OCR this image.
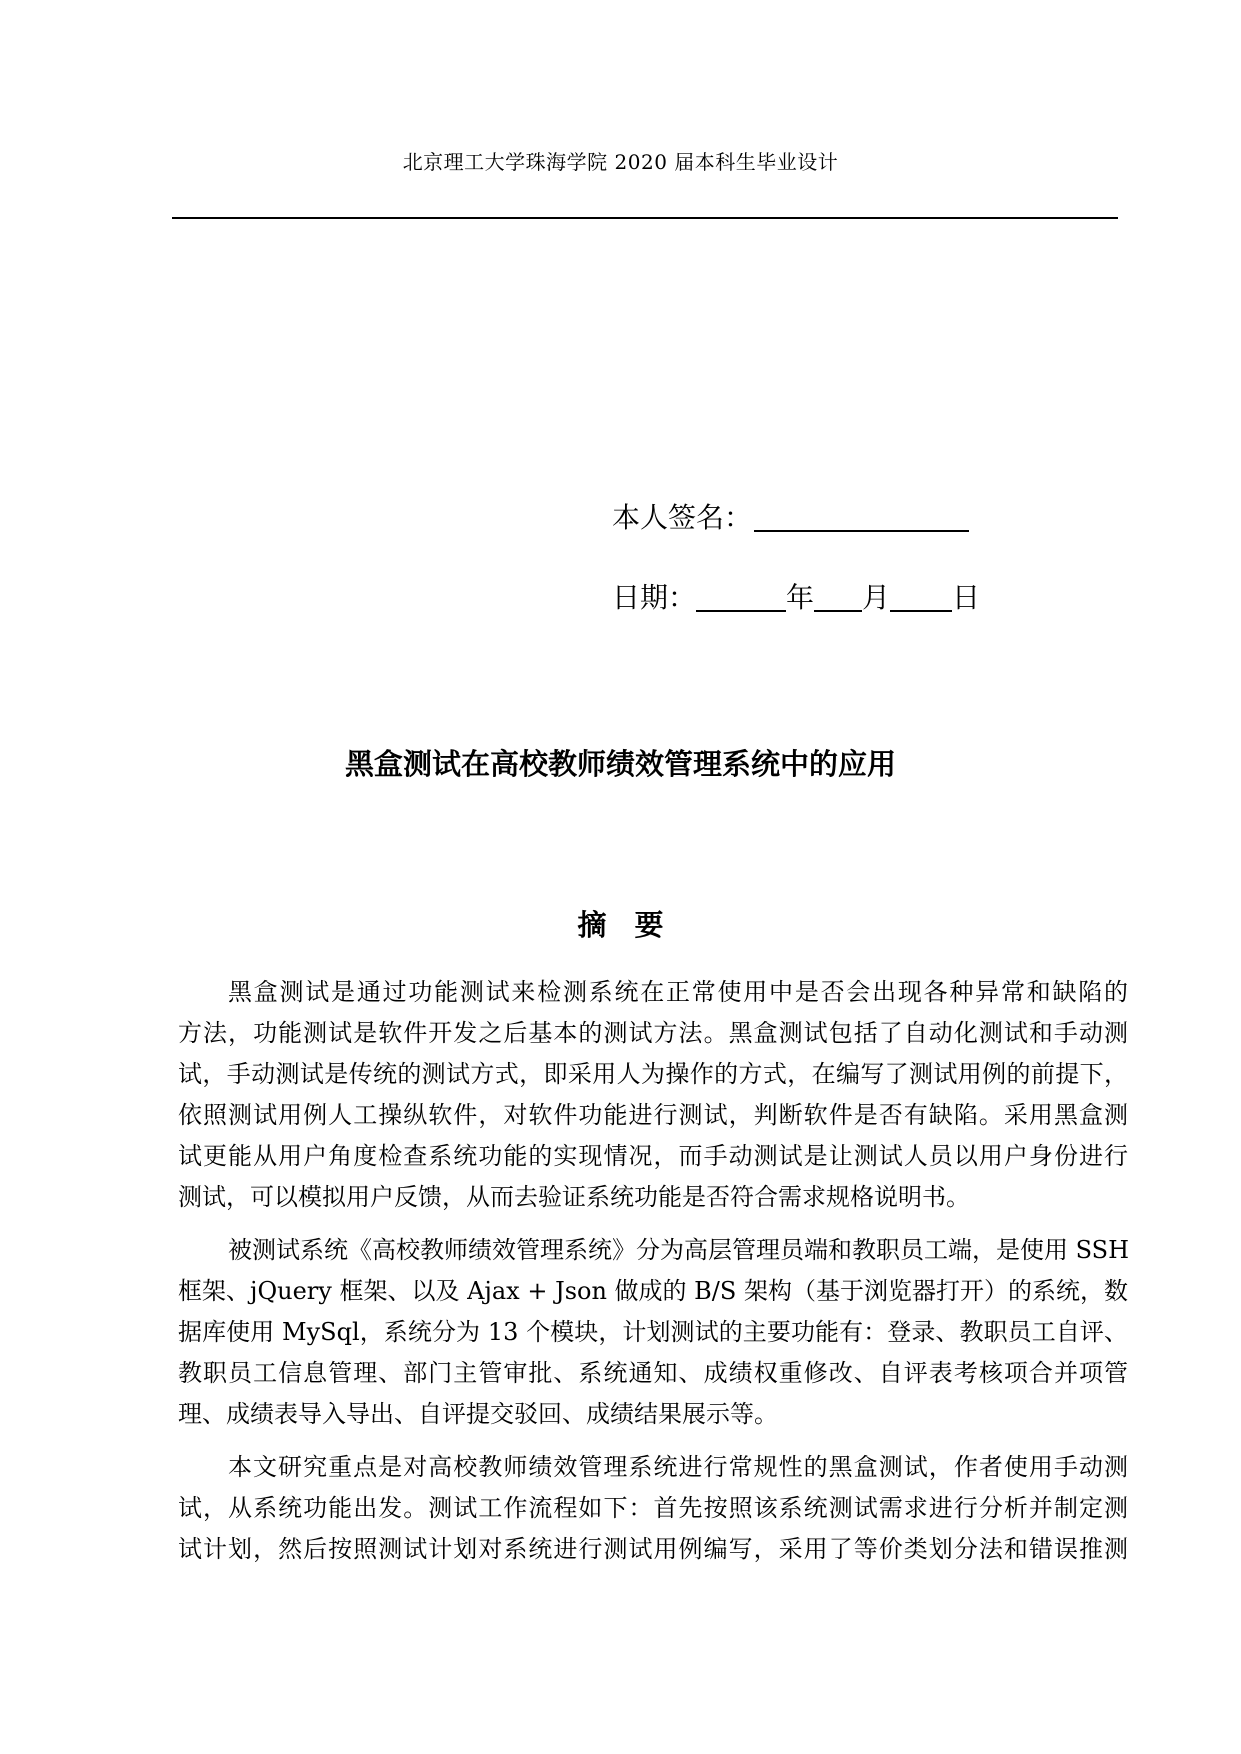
北京理工大学珠海学院 2020 届本科生毕业设计
本人签名：
日期：	年 月 日
黑盒测试在高校教师绩效管理系统中的应用
摘要

黑盒测试是通过功能测试来检测系统在正常使用中是否会出现各种异常和缺陷的
方法，功能测试是软件开发之后基本的测试方法。黑盒测试包括了自动化测试和手动测
试，手动测试是传统的测试方式，即采用人为操作的方式，在编写了测试用例的前提下，
依照测试用例人工操纵软件，对软件功能进行测试，判断软件是否有缺陷。采用黑盒测
试更能从用户角度检查系统功能的实现情况，而手动测试是让测试人员以用户身份进行
测试，可以模拟用户反馈，从而去验证系统功能是否符合需求规格说明书。

被测试系统《高校教师绩效管理系统》分为高层管理员端和教职员工端，是使用 SSH
框架、jQuery 框架、以及 Ajax + Json 做成的 B/S 架构（基于浏览器打开）的系统，数
据库使用 MySql，系统分为 13 个模块，计划测试的主要功能有：登录、教职员工自评、
教职员工信息管理、部门主管审批、系统通知、成绩权重修改、自评表考核项合并项管
理、成绩表导入导出、自评提交驳回、成绩结果展示等。

本文研究重点是对高校教师绩效管理系统进行常规性的黑盒测试，作者使用手动测
试，从系统功能出发。测试工作流程如下：首先按照该系统测试需求进行分析并制定测
试计划，然后按照测试计划对系统进行测试用例编写，采用了等价类划分法和错误推测
